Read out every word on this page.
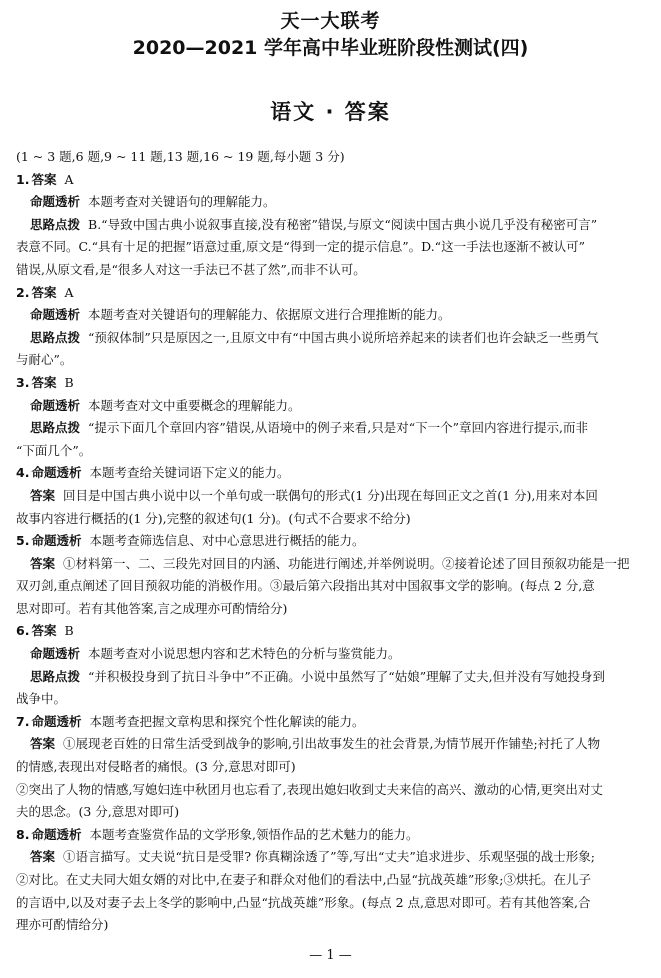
天一大联考
2020—2021 学年高中毕业班阶段性测试(四)
语文 · 答案

(1 ~ 3 题,6 题,9 ~ 11 题,13 题,16 ~ 19 题,每小题 3 分)

1. 答案 A

命题透析 本题考查对关键语句的理解能力。

思路点拨 B.“导致中国古典小说叙事直接,没有秘密”错误,与原文“阅读中国古典小说几乎没有秘密可言”

表意不同。C.“具有十足的把握”语意过重,原文是“得到一定的提示信息”。D.“这一手法也逐渐不被认可”

错误,从原文看,是“很多人对这一手法已不甚了然”,而非不认可。

2. 答案 A

命题透析 本题考查对关键语句的理解能力、依据原文进行合理推断的能力。

思路点拨 “预叙体制”只是原因之一,且原文中有“中国古典小说所培养起来的读者们也许会缺乏一些勇气

与耐心”。

3. 答案 B

命题透析 本题考查对文中重要概念的理解能力。

思路点拨 “提示下面几个章回内容”错误,从语境中的例子来看,只是对“下一个”章回内容进行提示,而非

“下面几个”。

4. 命题透析 本题考查给关键词语下定义的能力。

答案 回目是中国古典小说中以一个单句或一联偶句的形式(1 分)出现在每回正文之首(1 分),用来对本回

故事内容进行概括的(1 分),完整的叙述句(1 分)。(句式不合要求不给分)

5. 命题透析 本题考查筛选信息、对中心意思进行概括的能力。

答案 ①材料第一、二、三段先对回目的内涵、功能进行阐述,并举例说明。②接着论述了回目预叙功能是一把

双刃剑,重点阐述了回目预叙功能的消极作用。③最后第六段指出其对中国叙事文学的影响。(每点 2 分,意

思对即可。若有其他答案,言之成理亦可酌情给分)

6. 答案 B

命题透析 本题考查对小说思想内容和艺术特色的分析与鉴赏能力。

思路点拨 “并积极投身到了抗日斗争中”不正确。小说中虽然写了“姑娘”理解了丈夫,但并没有写她投身到

战争中。

7. 命题透析 本题考查把握文章构思和探究个性化解读的能力。

答案 ①展现老百姓的日常生活受到战争的影响,引出故事发生的社会背景,为情节展开作铺垫;衬托了人物

的情感,表现出对侵略者的痛恨。(3 分,意思对即可)

②突出了人物的情感,写媳妇连中秋团月也忘看了,表现出媳妇收到丈夫来信的高兴、激动的心情,更突出对丈

夫的思念。(3 分,意思对即可)

8. 命题透析 本题考查鉴赏作品的文学形象,领悟作品的艺术魅力的能力。

答案 ①语言描写。丈夫说“抗日是受罪? 你真糊涂透了”等,写出“丈夫”追求进步、乐观坚强的战士形象;

②对比。在丈夫同大姐女婿的对比中,在妻子和群众对他们的看法中,凸显“抗战英雄”形象;③烘托。在儿子

的言语中,以及对妻子去上冬学的影响中,凸显“抗战英雄”形象。(每点 2 点,意思对即可。若有其他答案,合

理亦可酌情给分)

— 1 —
